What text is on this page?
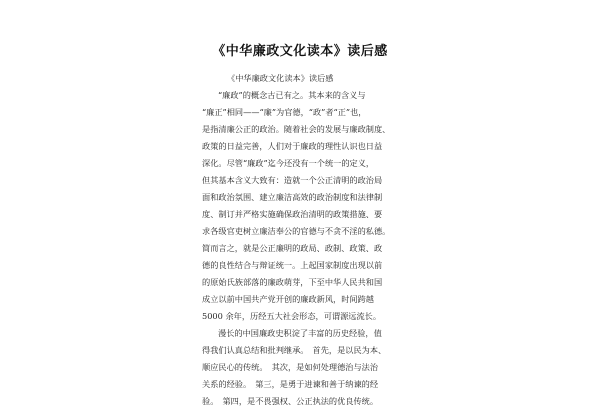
《中华廉政文化读本》读后感
《中华廉政文化读本》读后感
“廉政”的概念古已有之。其本来的含义与
“廉正”相同——“廉”为官德，“政”者“正”也，
是指清廉公正的政治。随着社会的发展与廉政制度、
政策的日益完善，人们对于廉政的理性认识也日益
深化。尽管“廉政”迄今还没有一个统一的定义，
但其基本含义大致有：造就一个公正清明的政治局
面和政治氛围、建立廉洁高效的政治制度和法律制
度、制订并严格实施确保政治清明的政策措施、要
求各级官吏树立廉洁奉公的官德与不贪不淫的私德。
简而言之，就是公正廉明的政局、政制、政策、政
德的良性结合与辩证统一。上起国家制度出现以前
的原始氏族部落的廉政萌芽，下至中华人民共和国
成立以前中国共产党开创的廉政新风，时间跨越
5000 余年，历经五大社会形态，可谓源远流长。
漫长的中国廉政史积淀了丰富的历史经验，值
得我们认真总结和批判继承。　首先，是以民为本、
顺应民心的传统。　其次，是如何处理德治与法治
关系的经验。　第三，是勇于进谏和善于纳谏的经
验。　第四，是不畏强权、公正执法的优良传统。
